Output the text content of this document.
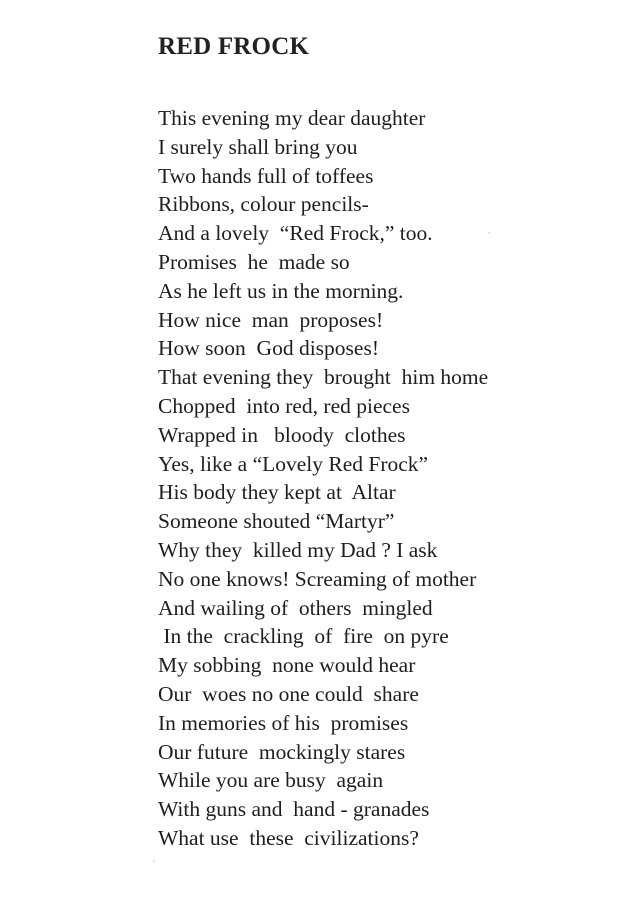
RED FROCK
This evening my dear daughter
I surely shall bring you
Two hands full of toffees
Ribbons, colour pencils-
And a lovely  “Red Frock,” too.
Promises  he  made so
As he left us in the morning.
How nice  man  proposes!
How soon  God disposes!
That evening they  brought  him home
Chopped  into red, red pieces
Wrapped in   bloody  clothes
Yes, like a “Lovely Red Frock”
His body they kept at  Altar
Someone shouted “Martyr”
Why they  killed my Dad ? I ask
No one knows! Screaming of mother
And wailing of  others  mingled
In the  crackling  of  fire  on pyre
My sobbing  none would hear
Our  woes no one could  share
In memories of his  promises
Our future  mockingly stares
While you are busy  again
With guns and  hand - granades
What use  these  civilizations?
